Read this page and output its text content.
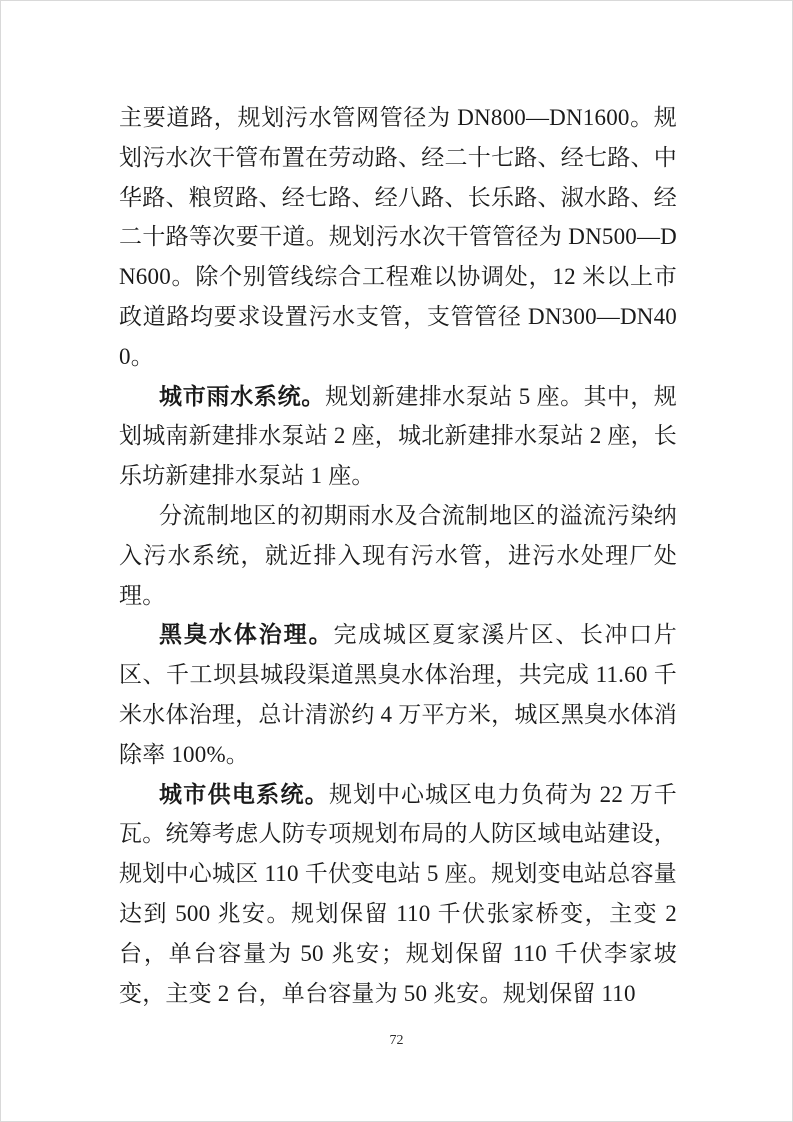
主要道路，规划污水管网管径为 DN800—DN1600。规划污水次干管布置在劳动路、经二十七路、经七路、中华路、粮贸路、经七路、经八路、长乐路、淑水路、经二十路等次要干道。规划污水次干管管径为 DN500—DN600。除个别管线综合工程难以协调处，12 米以上市政道路均要求设置污水支管，支管管径 DN300—DN400。

城市雨水系统。规划新建排水泵站 5 座。其中，规划城南新建排水泵站 2 座，城北新建排水泵站 2 座，长乐坊新建排水泵站 1 座。

分流制地区的初期雨水及合流制地区的溢流污染纳入污水系统，就近排入现有污水管，进污水处理厂处理。

黑臭水体治理。完成城区夏家溪片区、长冲口片区、千工坝县城段渠道黑臭水体治理，共完成 11.60 千米水体治理，总计清淤约 4 万平方米，城区黑臭水体消除率 100%。

城市供电系统。规划中心城区电力负荷为 22 万千瓦。统筹考虑人防专项规划布局的人防区域电站建设，规划中心城区 110 千伏变电站 5 座。规划变电站总容量达到 500 兆安。规划保留 110 千伏张家桥变，主变 2 台，单台容量为 50 兆安；规划保留 110 千伏李家坡变，主变 2 台，单台容量为 50 兆安。规划保留 110

72
